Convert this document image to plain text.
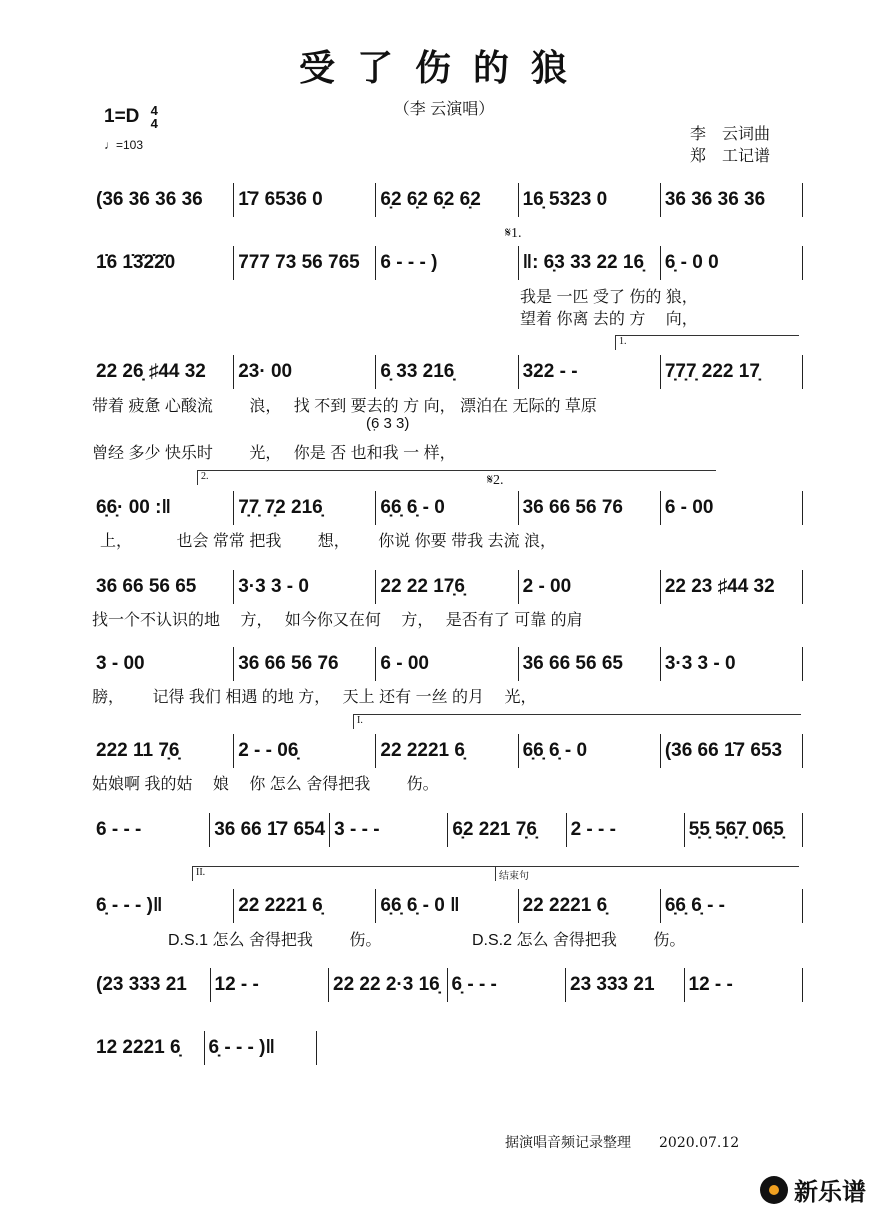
受了伤的狼
（李 云演唱）
1=D 4
4
♩=103
李　云词曲
郑　工记谱
(36 36 36 36	1̇7 6536 0	6̣2 6̣2 6̣2 6̣2	16̣ 5323 0	36 36 36 36
1̇6 1̇3̇2̇2̇0	777 73 56 765	6 - - - )	‖: 6̣3 33 22 16̣	6̣ - 0 0
我是 一匹 受了 伤的 狼，
望着 你离 去的 方　 向，
22 26̣ ♯44 32	23· 00	6̣ 33 216̣	322 - -	7̣7̣7̣ 222 17̣
带着 疲惫 心酸流　　 浪，　 找 不到 要去的 方 向， 漂泊在 无际的 草原
曾经 多少 快乐时　　 光，　 你是 否 也和我 一 样，
6̣6̣· 00 :‖	7̣7̣ 7̣2 216̣	6̣6̣ 6̣ - 0	36 66 56 76	6 - 00
上，　　　 也会 常常 把我　　 想，　　 你说 你要 带我 去流 浪，
36 66 56 65	3·3 3 - 0	22 22 17̣6̣	2 - 00	22 23 ♯44 32
找一个不认识的地　 方，　 如今你又在何　 方，　 是否有了 可靠 的肩
3 - 00	36 66 56 76	6 - 00	36 66 56 65	3·3 3 - 0
膀，　　 记得 我们 相遇 的地 方，　 天上 还有 一丝 的月　 光，
222 11 7̣6̣	2 - - 06̣	22 2221 6̣	6̣6̣ 6̣ - 0	(36 66 1̇7 653
姑娘啊 我的姑　 娘　 你 怎么 舍得把我　　 伤。
6 - - -	36 66 1̇7 654 3 - - -	6̣2 221 7̣6̣	2 - - -	5̣5̣ 5̣6̣7̣ 06̣5̣
6̣ - - - )‖	22 2221 6̣	6̣6̣ 6̣ - 0 ‖	22 2221 6̣	6̣6̣ 6̣ - -
D.S.1 怎么 舍得把我　　 伤。	D.S.2 怎么 舍得把我　　 伤。
(23 333 21	12 - -	22 22 2·3 16̣ 6̣ - - -	23 333 21	12 - -
12 2221 6̣	6̣ - - - )‖
𝄋1.
𝄋2.
1.
2.
I.
II.	结束句
(6̣ 3 3)
据演唱音频记录整理　　 2020.07.12
新乐谱
